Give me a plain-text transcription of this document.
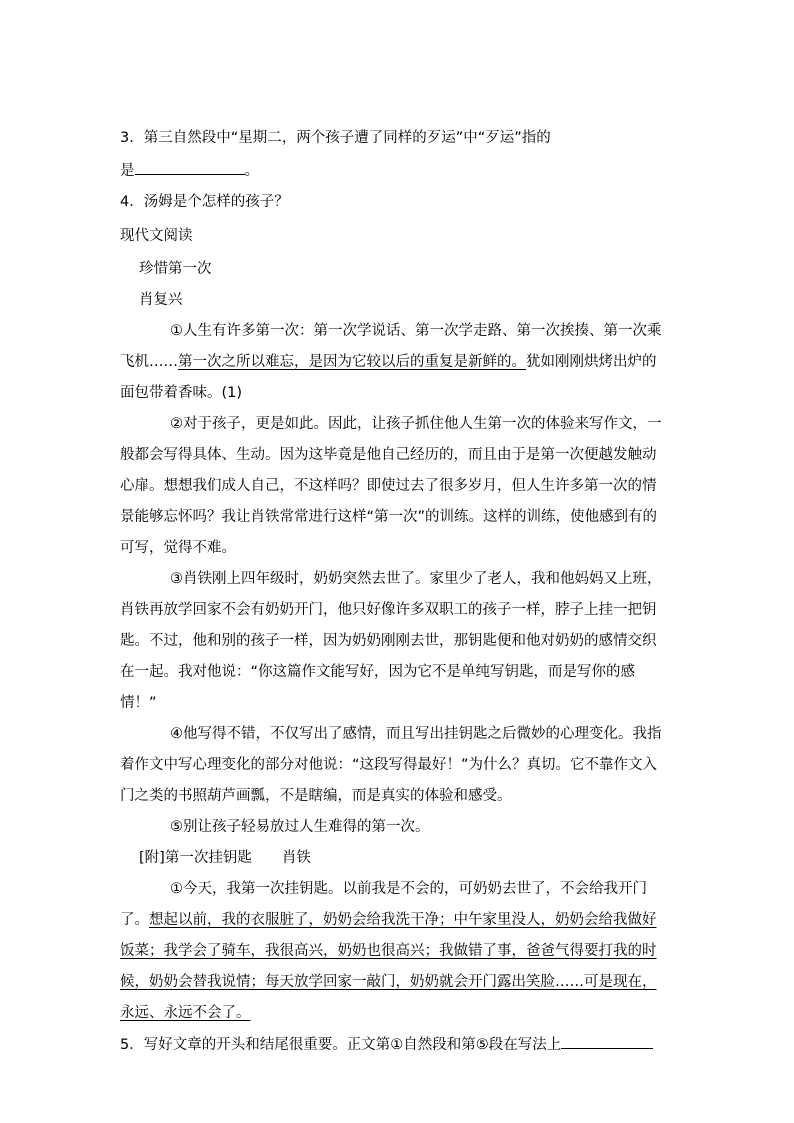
3．第三自然段中“星期二，两个孩子遭了同样的歹运”中“歹运”指的
是	。
4．汤姆是个怎样的孩子？
现代文阅读
珍惜第一次
肖复兴
①人生有许多第一次：第一次学说话、第一次学走路、第一次挨揍、第一次乘
飞机……第一次之所以难忘，是因为它较以后的重复是新鲜的。犹如刚刚烘烤出炉的
面包带着香味。(1)
②对于孩子，更是如此。因此，让孩子抓住他人生第一次的体验来写作文，一
般都会写得具体、生动。因为这毕竟是他自己经历的，而且由于是第一次便越发触动
心扉。想想我们成人自己，不这样吗？即使过去了很多岁月，但人生许多第一次的情
景能够忘怀吗？我让肖铁常常进行这样“第一次”的训练。这样的训练，使他感到有的
可写，觉得不难。
③肖铁刚上四年级时，奶奶突然去世了。家里少了老人，我和他妈妈又上班，
肖铁再放学回家不会有奶奶开门，他只好像许多双职工的孩子一样，脖子上挂一把钥
匙。不过，他和别的孩子一样，因为奶奶刚刚去世，那钥匙便和他对奶奶的感情交织
在一起。我对他说：“你这篇作文能写好，因为它不是单纯写钥匙，而是写你的感
情！”
④他写得不错，不仅写出了感情，而且写出挂钥匙之后微妙的心理变化。我指
着作文中写心理变化的部分对他说：“这段写得最好！”为什么？真切。它不靠作文入
门之类的书照葫芦画瓢，不是瞎编，而是真实的体验和感受。
⑤别让孩子轻易放过人生难得的第一次。
[附]第一次挂钥匙 肖铁
①今天，我第一次挂钥匙。以前我是不会的，可奶奶去世了，不会给我开门
了。想起以前，我的衣服脏了，奶奶会给我洗干净；中午家里没人，奶奶会给我做好
饭菜；我学会了骑车，我很高兴，奶奶也很高兴；我做错了事，爸爸气得要打我的时
候，奶奶会替我说情；每天放学回家一敲门，奶奶就会开门露出笑脸……可是现在，
永远、永远不会了。
5．写好文章的开头和结尾很重要。正文第①自然段和第⑤段在写法上
